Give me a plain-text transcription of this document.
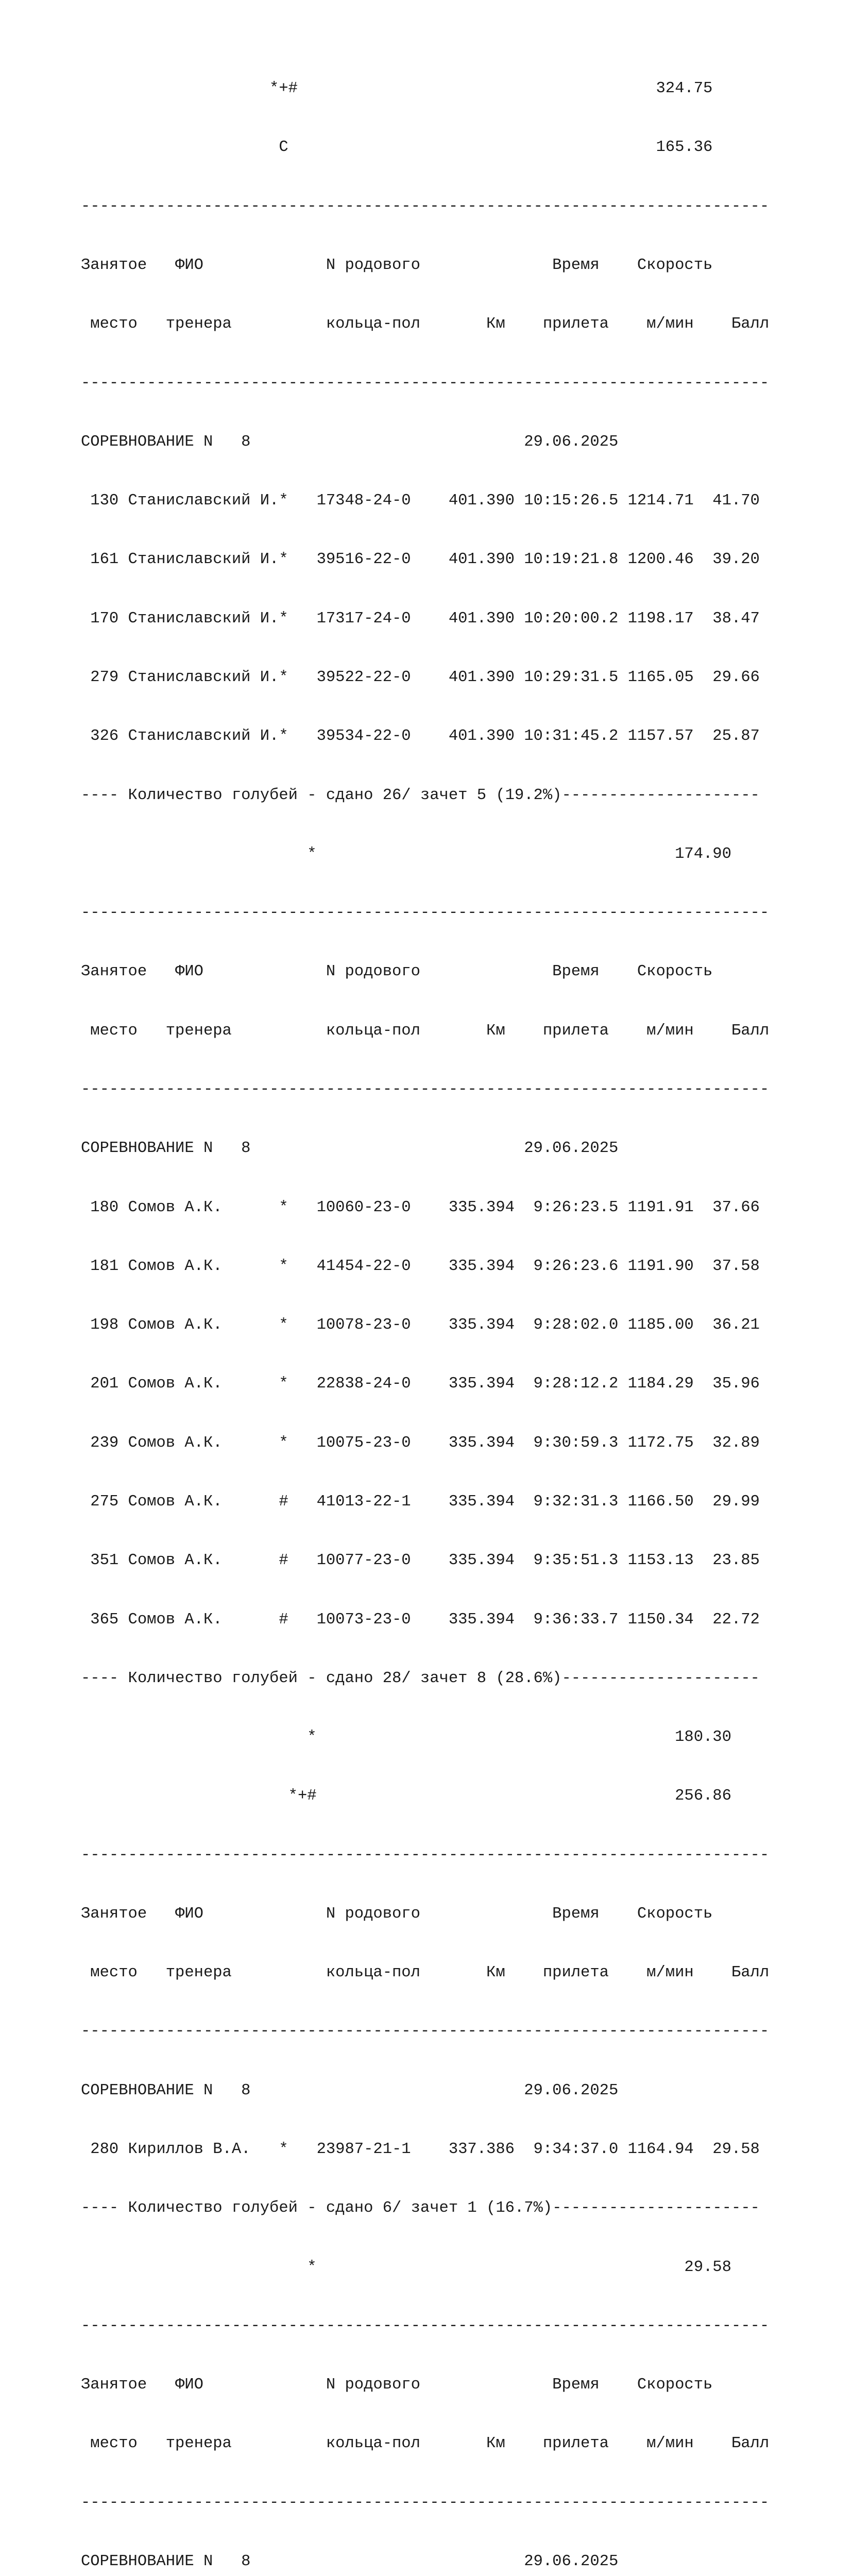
*+#                                      324.75

C                                       165.36

-------------------------------------------------------------------------

Занятое   ФИО             N родового              Время    Скорость

место   тренера          кольца-пол       Км    прилета    м/мин    Балл

-------------------------------------------------------------------------

СОРЕВНОВАНИЕ N   8                             29.06.2025

130 Станиславский И.*   17348-24-0    401.390 10:15:26.5 1214.71  41.70

161 Станиславский И.*   39516-22-0    401.390 10:19:21.8 1200.46  39.20

170 Станиславский И.*   17317-24-0    401.390 10:20:00.2 1198.17  38.47

279 Станиславский И.*   39522-22-0    401.390 10:29:31.5 1165.05  29.66

326 Станиславский И.*   39534-22-0    401.390 10:31:45.2 1157.57  25.87

---- Количество голубей - сдано 26/ зачет 5 (19.2%)---------------------

*                                      174.90

-------------------------------------------------------------------------

Занятое   ФИО             N родового              Время    Скорость

место   тренера          кольца-пол       Км    прилета    м/мин    Балл

-------------------------------------------------------------------------

СОРЕВНОВАНИЕ N   8                             29.06.2025

180 Сомов А.К.      *   10060-23-0    335.394  9:26:23.5 1191.91  37.66

181 Сомов А.К.      *   41454-22-0    335.394  9:26:23.6 1191.90  37.58

198 Сомов А.К.      *   10078-23-0    335.394  9:28:02.0 1185.00  36.21

201 Сомов А.К.      *   22838-24-0    335.394  9:28:12.2 1184.29  35.96

239 Сомов А.К.      *   10075-23-0    335.394  9:30:59.3 1172.75  32.89

275 Сомов А.К.      #   41013-22-1    335.394  9:32:31.3 1166.50  29.99

351 Сомов А.К.      #   10077-23-0    335.394  9:35:51.3 1153.13  23.85

365 Сомов А.К.      #   10073-23-0    335.394  9:36:33.7 1150.34  22.72

---- Количество голубей - сдано 28/ зачет 8 (28.6%)---------------------

*                                      180.30

*+#                                      256.86

-------------------------------------------------------------------------

Занятое   ФИО             N родового              Время    Скорость

место   тренера          кольца-пол       Км    прилета    м/мин    Балл

-------------------------------------------------------------------------

СОРЕВНОВАНИЕ N   8                             29.06.2025

280 Кириллов В.А.   *   23987-21-1    337.386  9:34:37.0 1164.94  29.58

---- Количество голубей - сдано 6/ зачет 1 (16.7%)----------------------

*                                       29.58

-------------------------------------------------------------------------

Занятое   ФИО             N родового              Время    Скорость

место   тренера          кольца-пол       Км    прилета    м/мин    Балл

-------------------------------------------------------------------------

СОРЕВНОВАНИЕ N   8                             29.06.2025
